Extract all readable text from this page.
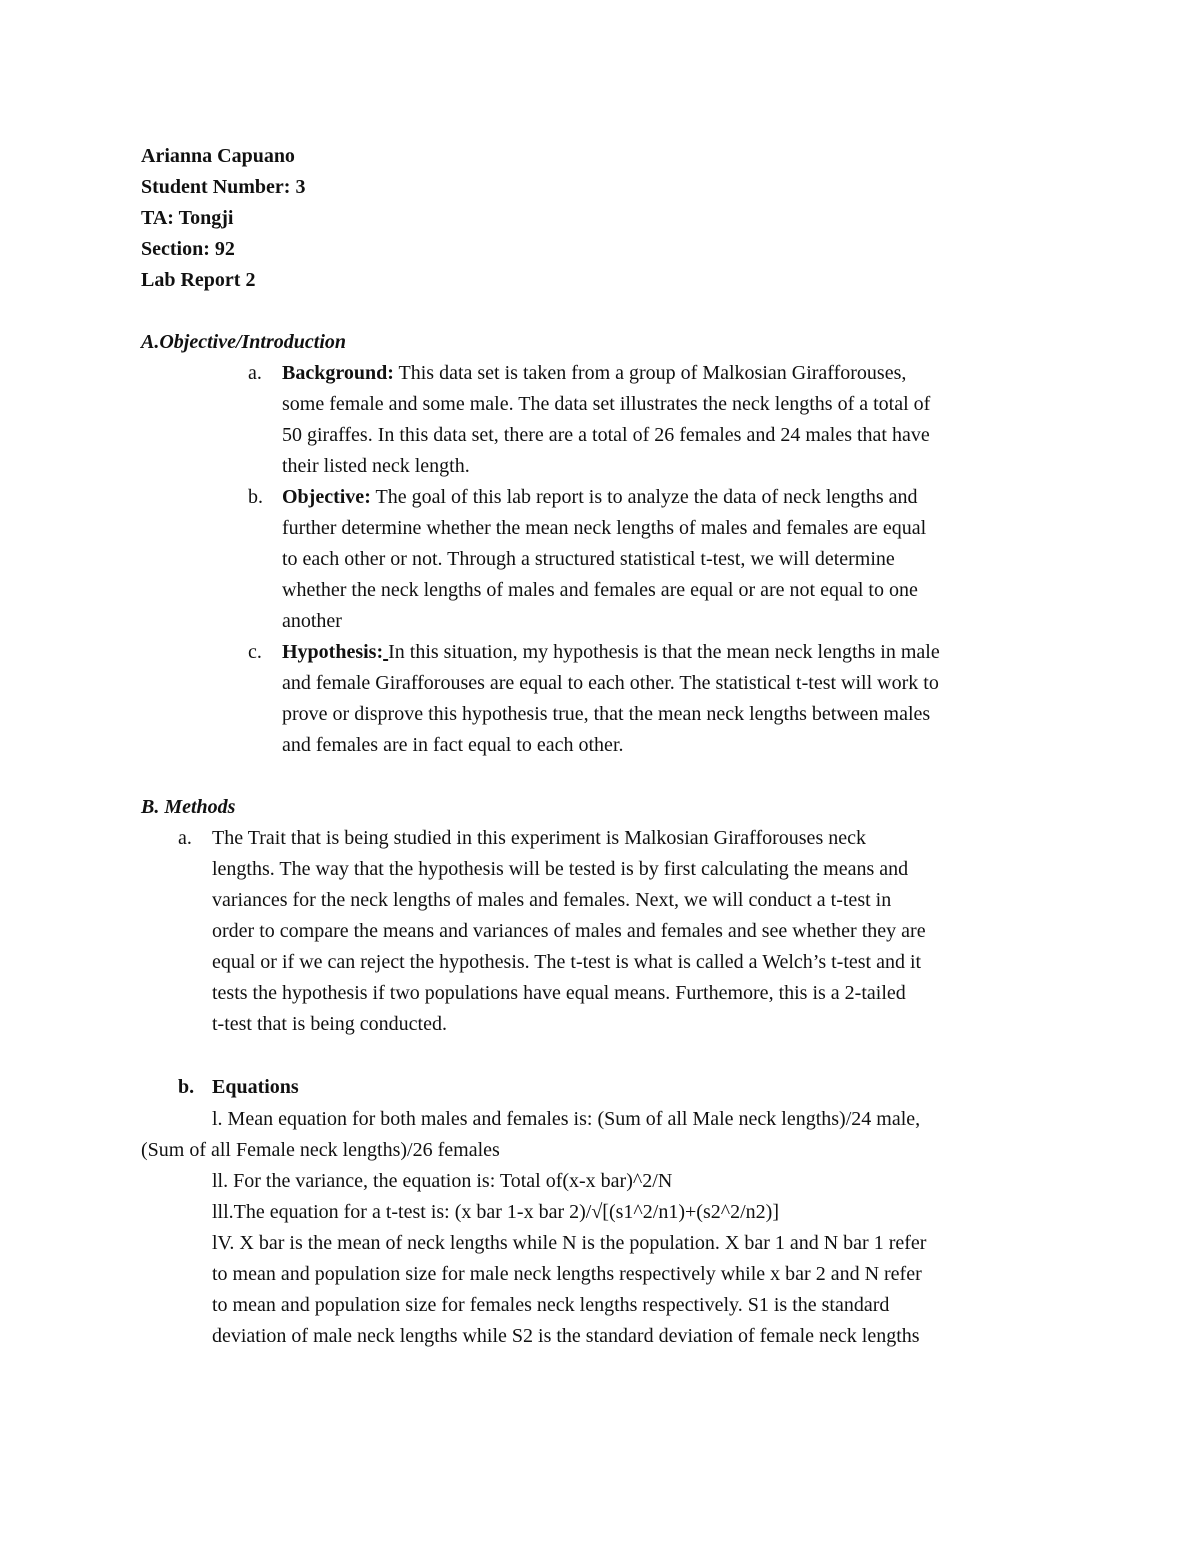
Arianna Capuano
Student Number: 3
TA: Tongji
Section: 92
Lab Report 2
A.Objective/Introduction
a. Background: This data set is taken from a group of Malkosian Girafforouses,
some female and some male. The data set illustrates the neck lengths of a total of
50 giraffes. In this data set, there are a total of 26 females and 24 males that have
their listed neck length.
b. Objective: The goal of this lab report is to analyze the data of neck lengths and
further determine whether the mean neck lengths of males and females are equal
to each other or not. Through a structured statistical t-test, we will determine
whether the neck lengths of males and females are equal or are not equal to one
another
c. Hypothesis: In this situation, my hypothesis is that the mean neck lengths in male
and female Girafforouses are equal to each other. The statistical t-test will work to
prove or disprove this hypothesis true, that the mean neck lengths between males
and females are in fact equal to each other.
B. Methods
a. The Trait that is being studied in this experiment is Malkosian Girafforouses neck
lengths. The way that the hypothesis will be tested is by first calculating the means and
variances for the neck lengths of males and females. Next, we will conduct a t-test in
order to compare the means and variances of males and females and see whether they are
equal or if we can reject the hypothesis. The t-test is what is called a Welch’s t-test and it
tests the hypothesis if two populations have equal means. Furthemore, this is a 2-tailed
t-test that is being conducted.
b. Equations
l. Mean equation for both males and females is: (Sum of all Male neck lengths)/24 male,
(Sum of all Female neck lengths)/26 females
ll. For the variance, the equation is: Total of(x-x bar)^2/N
lll.The equation for a t-test is: (x bar 1-x bar 2)/√[(s1^2/n1)+(s2^2/n2)]
lV. X bar is the mean of neck lengths while N is the population. X bar 1 and N bar 1 refer
to mean and population size for male neck lengths respectively while x bar 2 and N refer
to mean and population size for females neck lengths respectively. S1 is the standard
deviation of male neck lengths while S2 is the standard deviation of female neck lengths
